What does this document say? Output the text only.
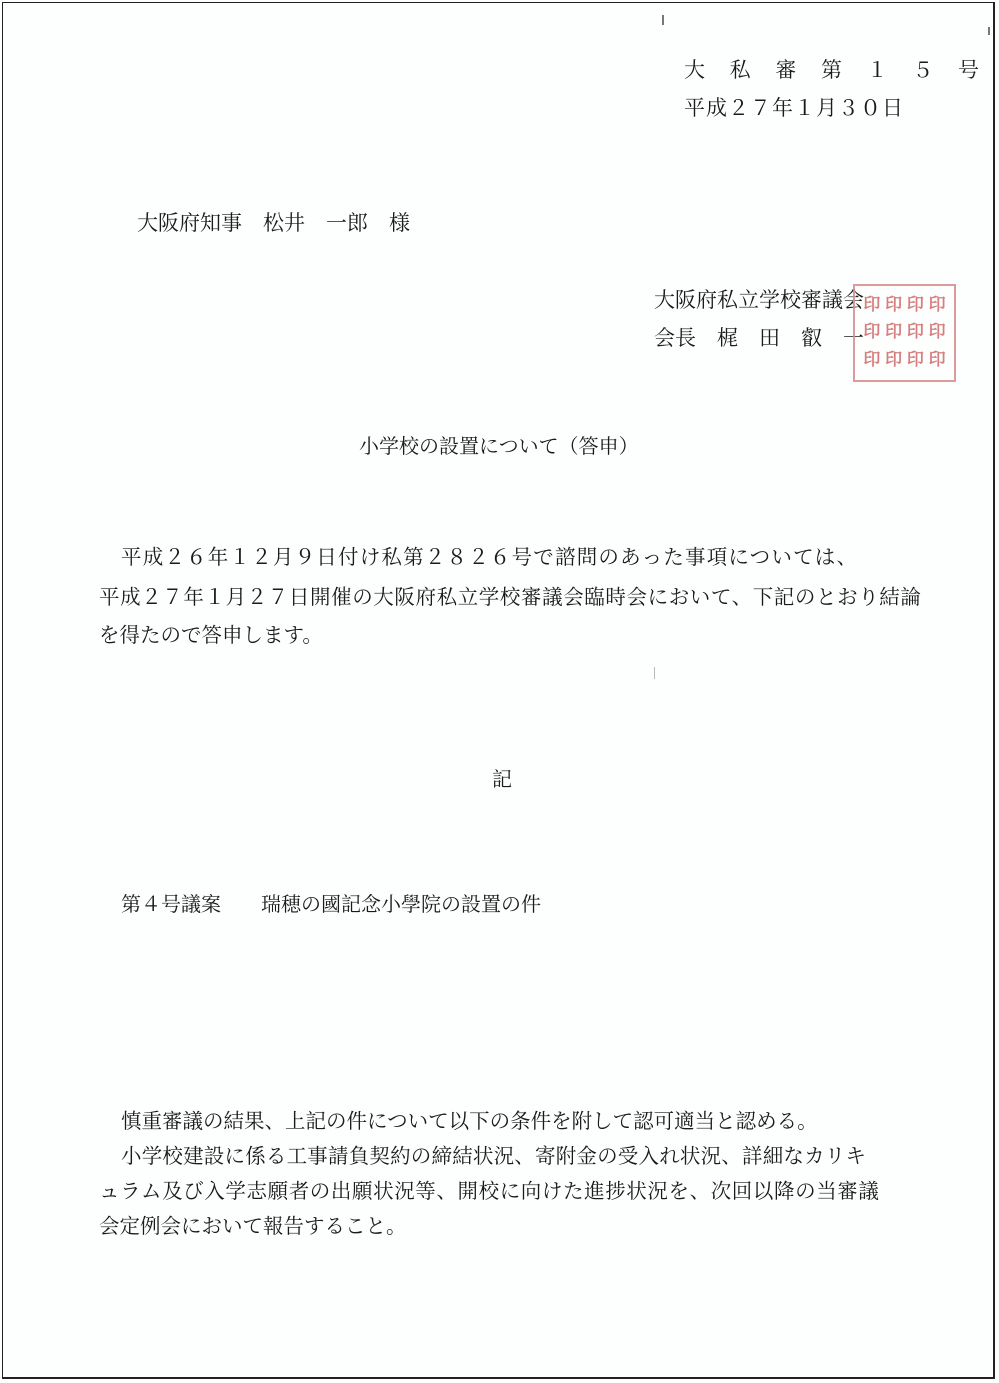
大 私 審 第 １ ５ 号
平成２７年１月３０日
大阪府知事　松井　一郎　様
大阪府私立学校審議会
会長　梶　田　叡　一
印 印 印 印
印 印 印 印
印 印 印 印
小学校の設置について（答申）
平成２６年１２月９日付け私第２８２６号で諮問のあった事項については、
平成２７年１月２７日開催の大阪府私立学校審議会臨時会において、下記のとおり結論
を得たので答申します。
記
第４号議案　　瑞穂の國記念小學院の設置の件
慎重審議の結果、上記の件について以下の条件を附して認可適当と認める。
小学校建設に係る工事請負契約の締結状況、寄附金の受入れ状況、詳細なカリキ
ュラム及び入学志願者の出願状況等、開校に向けた進捗状況を、次回以降の当審議
会定例会において報告すること。
